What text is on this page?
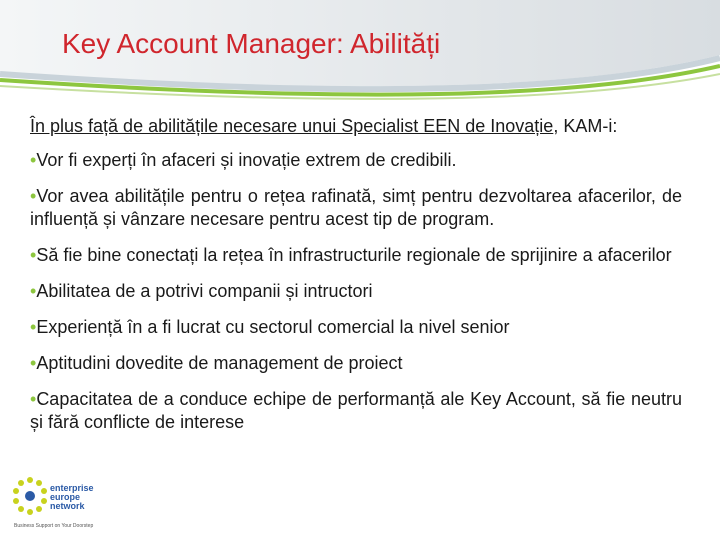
Key Account Manager: Abilități

În plus față de abilitățile necesare unui Specialist EEN de Inovație, KAM-i:

•Vor fi experți în afaceri și inovație extrem de credibili.

•Vor avea abilitățile pentru o rețea rafinată, simț pentru dezvoltarea afacerilor, de influență și vânzare necesare pentru acest tip de program.

•Să fie bine conectați la rețea în infrastructurile regionale de sprijinire a afacerilor

•Abilitatea de a potrivi companii și intructori

•Experiență în a fi lucrat cu sectorul comercial la nivel senior

•Aptitudini dovedite de management de proiect

•Capacitatea de a conduce echipe de performanță ale Key Account, să fie neutru și fără conflicte de interese

enterprise
europe
network
Business Support on Your Doorstep
